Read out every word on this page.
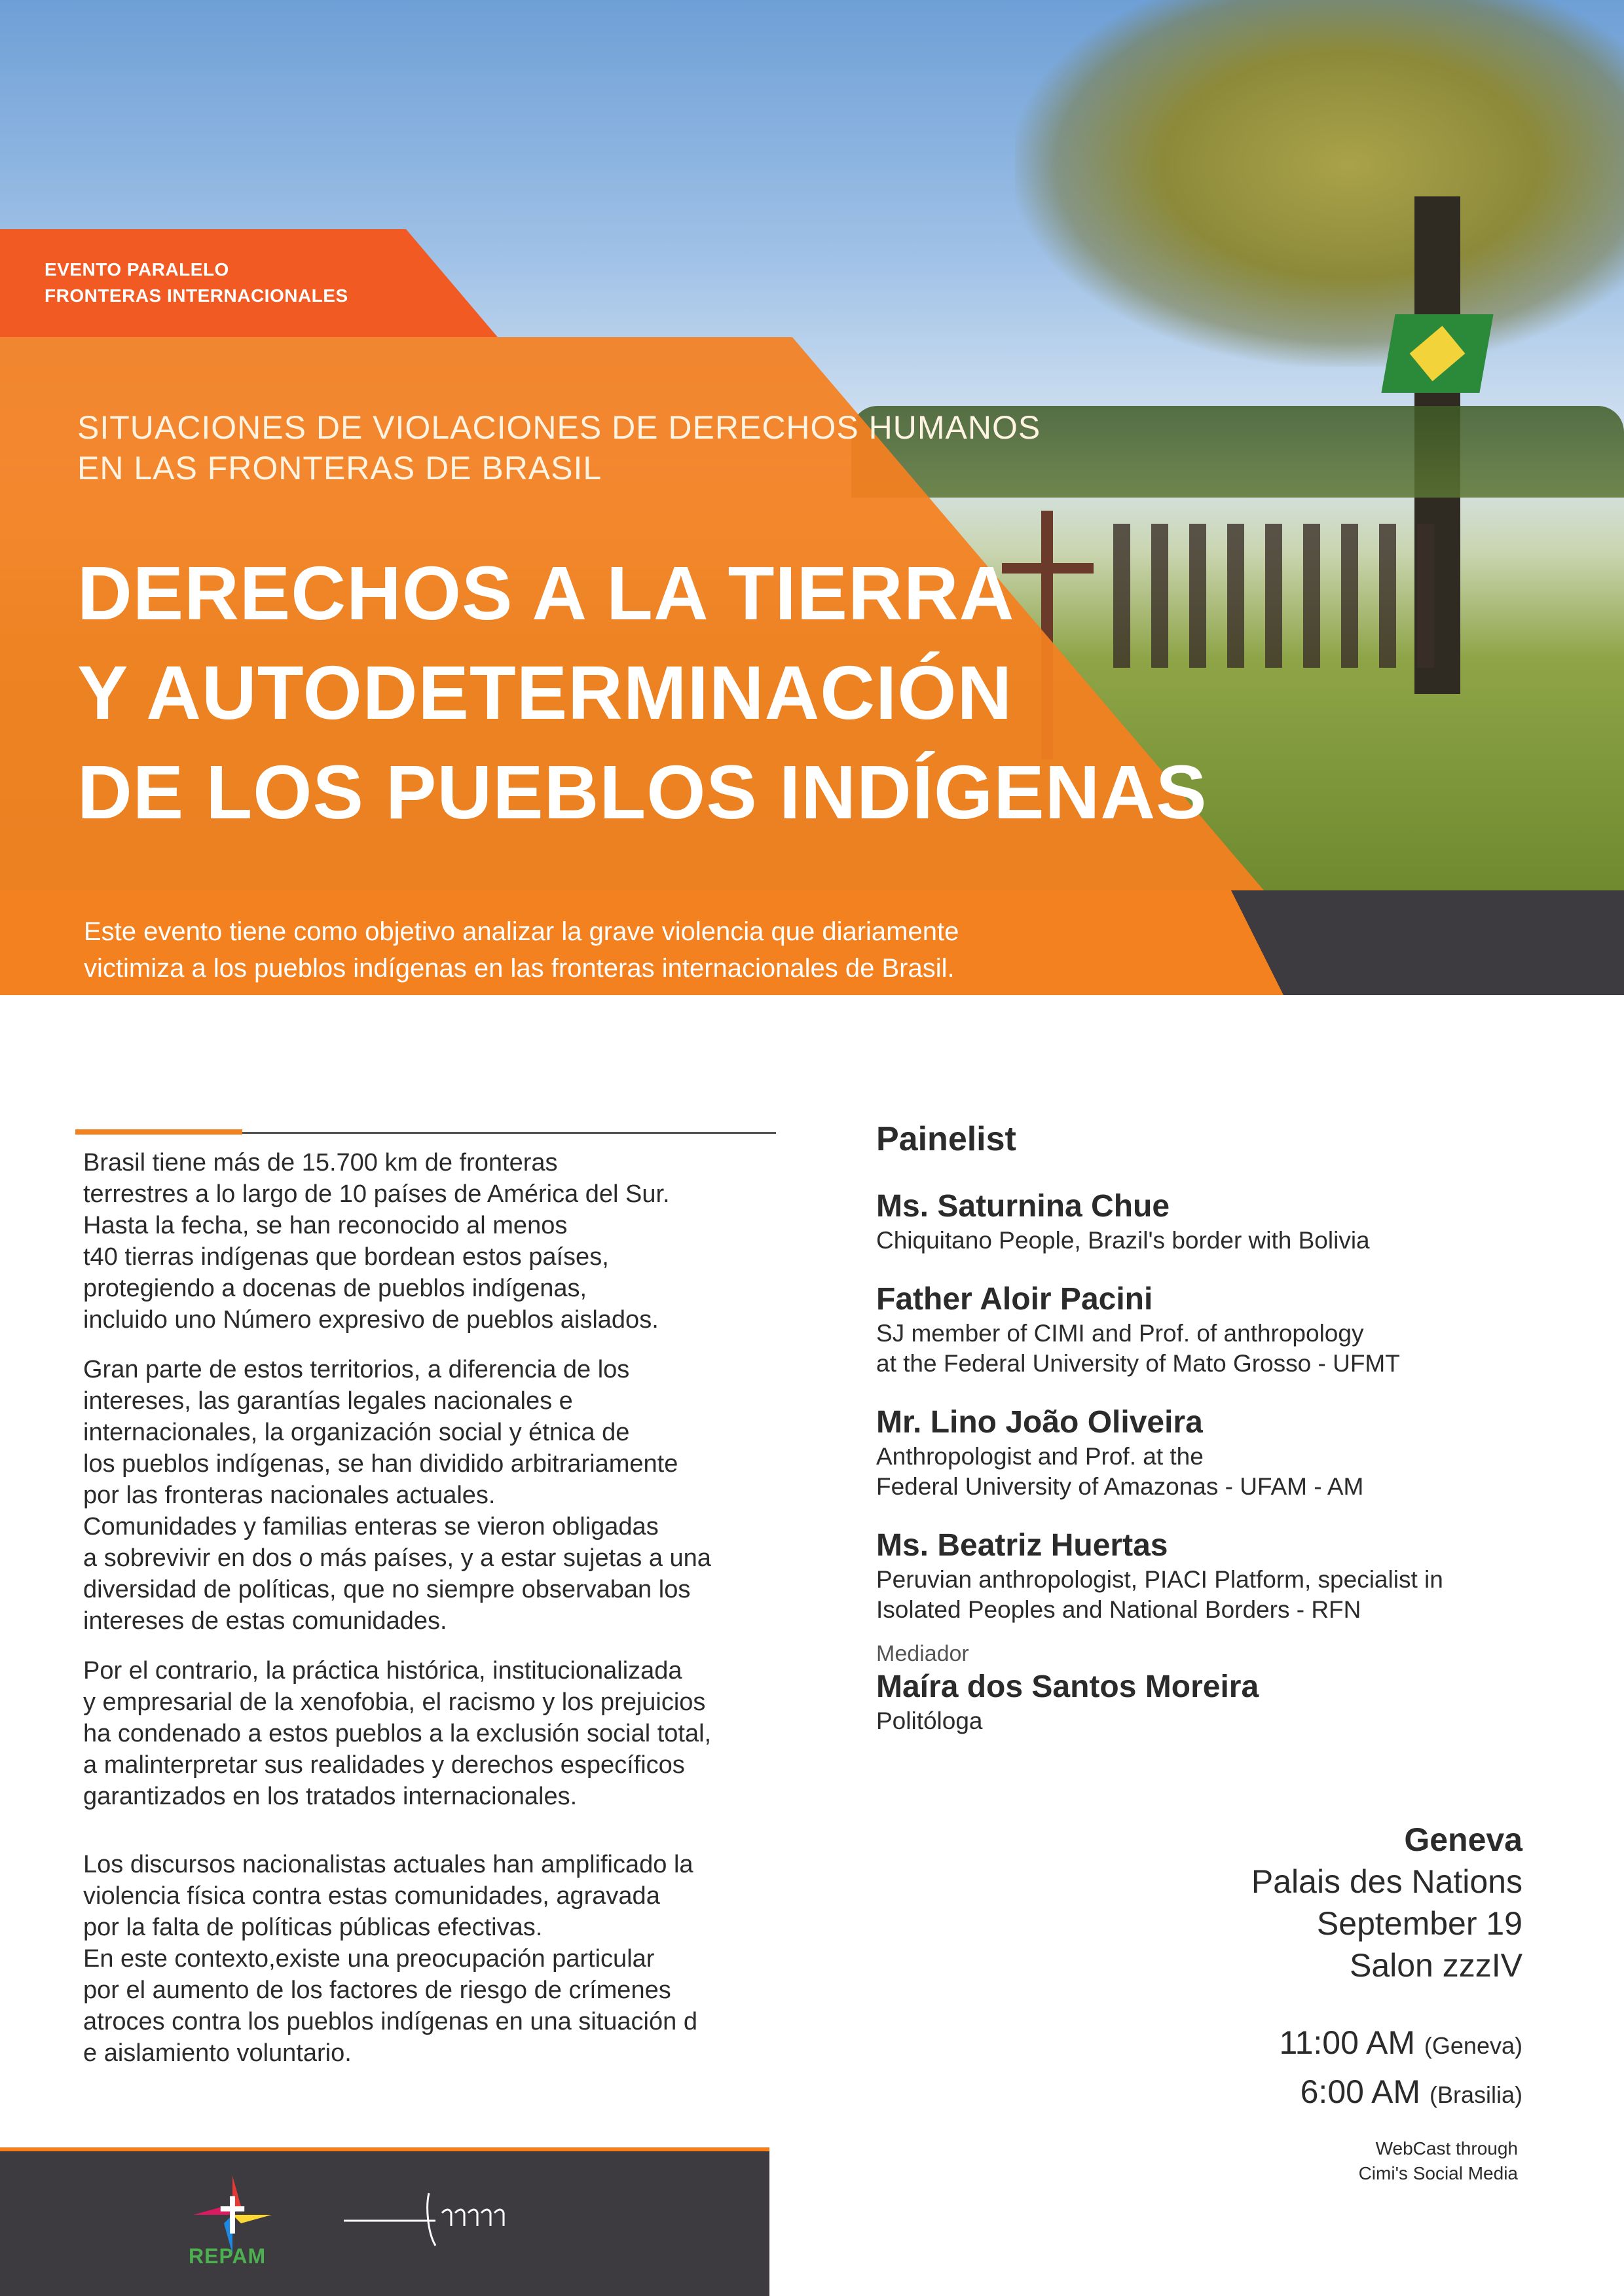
EVENTO PARALELO
FRONTERAS INTERNACIONALES
SITUACIONES DE VIOLACIONES DE DERECHOS HUMANOS
EN LAS FRONTERAS DE BRASIL
DERECHOS A LA TIERRA
Y AUTODETERMINACIÓN
DE LOS PUEBLOS INDÍGENAS
Este evento tiene como objetivo analizar la grave violencia que diariamente
victimiza a los pueblos indígenas en las fronteras internacionales de Brasil.

Brasil tiene más de 15.700 km de fronteras
terrestres a lo largo de 10 países de América del Sur.
Hasta la fecha, se han reconocido al menos
t40 tierras indígenas que bordean estos países,
protegiendo a docenas de pueblos indígenas,
incluido uno Número expresivo de pueblos aislados.

Gran parte de estos territorios, a diferencia de los
intereses, las garantías legales nacionales e
internacionales, la organización social y étnica de
los pueblos indígenas, se han dividido arbitrariamente
por las fronteras nacionales actuales.
Comunidades y familias enteras se vieron obligadas
a sobrevivir en dos o más países, y a estar sujetas a una
diversidad de políticas, que no siempre observaban los
intereses de estas comunidades.

Por el contrario, la práctica histórica, institucionalizada
y empresarial de la xenofobia, el racismo y los prejuicios
ha condenado a estos pueblos a la exclusión social total,
a malinterpretar sus realidades y derechos específicos
garantizados en los tratados internacionales.

Los discursos nacionalistas actuales han amplificado la
violencia física contra estas comunidades, agravada
por la falta de políticas públicas efectivas.
En este contexto,existe una preocupación particular
por el aumento de los factores de riesgo de crímenes
atroces contra los pueblos indígenas en una situación d
e aislamiento voluntario.

Painelist
Ms. Saturnina Chue
Chiquitano People, Brazil's border with Bolivia
Father Aloir Pacini
SJ member of CIMI and Prof. of anthropology
at the Federal University of Mato Grosso - UFMT
Mr. Lino João Oliveira
Anthropologist and Prof. at the
Federal University of Amazonas - UFAM - AM
Ms. Beatriz Huertas
Peruvian anthropologist, PIACI Platform, specialist in
Isolated Peoples and National Borders - RFN
Mediador
Maíra dos Santos Moreira
Politóloga
Geneva
Palais des Nations
September 19
Salon zzzIV
11:00 AM (Geneva)
6:00 AM (Brasilia)
WebCast through
Cimi's Social Media
REPAM
